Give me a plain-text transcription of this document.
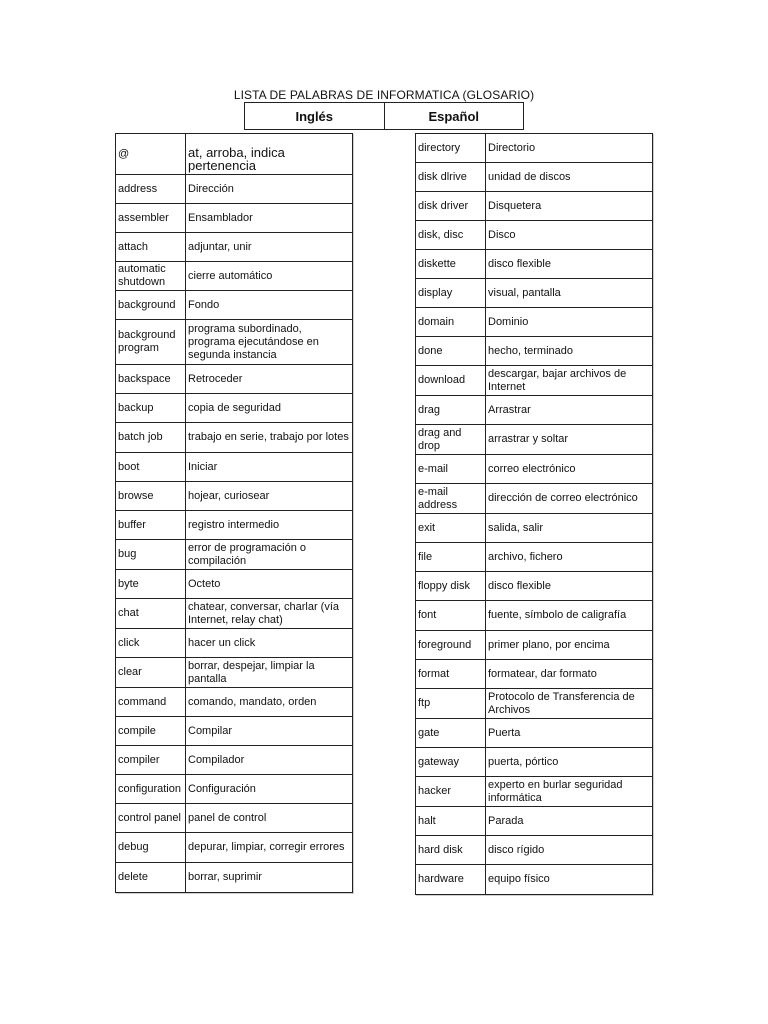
LISTA DE PALABRAS DE INFORMATICA (GLOSARIO)
Inglés	Español
@	at, arroba, indica pertenencia
address	Dirección
assembler	Ensamblador
attach	adjuntar, unir
automatic shutdown	cierre automático
background	Fondo
background program	programa subordinado, programa ejecutándose en segunda instancia
backspace	Retroceder
backup	copia de seguridad
batch job	trabajo en serie, trabajo por lotes
boot	Iniciar
browse	hojear, curiosear
buffer	registro intermedio
bug	error de programación o compilación
byte	Octeto
chat	chatear, conversar, charlar (vía Internet, relay chat)
click	hacer un click
clear	borrar, despejar, limpiar la pantalla
command	comando, mandato, orden
compile	Compilar
compiler	Compilador
configuration	Configuración
control panel	panel de control
debug	depurar, limpiar, corregir errores
delete	borrar, suprimir
directory	Directorio
disk dlrive	unidad de discos
disk driver	Disquetera
disk, disc	Disco
diskette	disco flexible
display	visual, pantalla
domain	Dominio
done	hecho, terminado
download	descargar, bajar archivos de Internet
drag	Arrastrar
drag and drop	arrastrar y soltar
e-mail	correo electrónico
e-mail address	dirección de correo electrónico
exit	salida, salir
file	archivo, fichero
floppy disk	disco flexible
font	fuente, símbolo de caligrafía
foreground	primer plano, por encima
format	formatear, dar formato
ftp	Protocolo de Transferencia de Archivos
gate	Puerta
gateway	puerta, pórtico
hacker	experto en burlar seguridad informática
halt	Parada
hard disk	disco rígido
hardware	equipo físico
